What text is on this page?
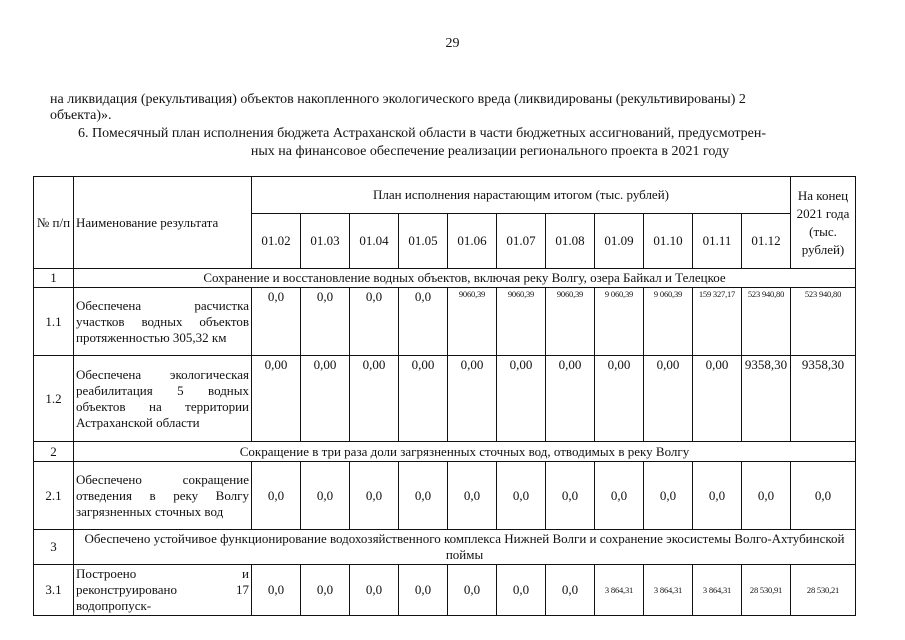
29
на ликвидация (рекультивация) объектов накопленного экологического вреда (ликвидированы (рекультивированы) 2
объекта)».
6. Помесячный план исполнения бюджета Астраханской области в части бюджетных ассигнований, предусмотрен-
ных на финансовое обеспечение реализации регионального проекта в 2021 году
№ п/п	Наименование результата	План исполнения нарастающим итогом (тыс. рублей)											На конец 2021 года (тыс. рублей)
		01.02	01.03	01.04	01.05	01.06	01.07	01.08	01.09	01.10	01.11	01.12	
1	Сохранение и восстановление водных объектов, включая реку Волгу, озера Байкал и Телецкое												
1.1	Обеспечена расчистка участков водных объектов протяженностью 305,32 км	0,0	0,0	0,0	0,0	9060,39	9060,39	9060,39	9 060,39	9 060,39	159 327,17	523 940,80	523 940,80
1.2	Обеспечена экологическая реабилитация 5 водных объектов на территории Астраханской области	0,00	0,00	0,00	0,00	0,00	0,00	0,00	0,00	0,00	0,00	9358,30	9358,30
2	Сокращение в три раза доли загрязненных сточных вод, отводимых в реку Волгу												
2.1	Обеспечено сокращение отведения в реку Волгу загрязненных сточных вод	0,0	0,0	0,0	0,0	0,0	0,0	0,0	0,0	0,0	0,0	0,0	0,0
3	Обеспечено устойчивое функционирование водохозяйственного комплекса Нижней Волги и сохранение экосистемы Волго-Ахтубинской поймы												
3.1	Построено и реконструировано 17 водопропуск-	0,0	0,0	0,0	0,0	0,0	0,0	0,0	3 864,31	3 864,31	3 864,31	28 530,91	28 530,21
